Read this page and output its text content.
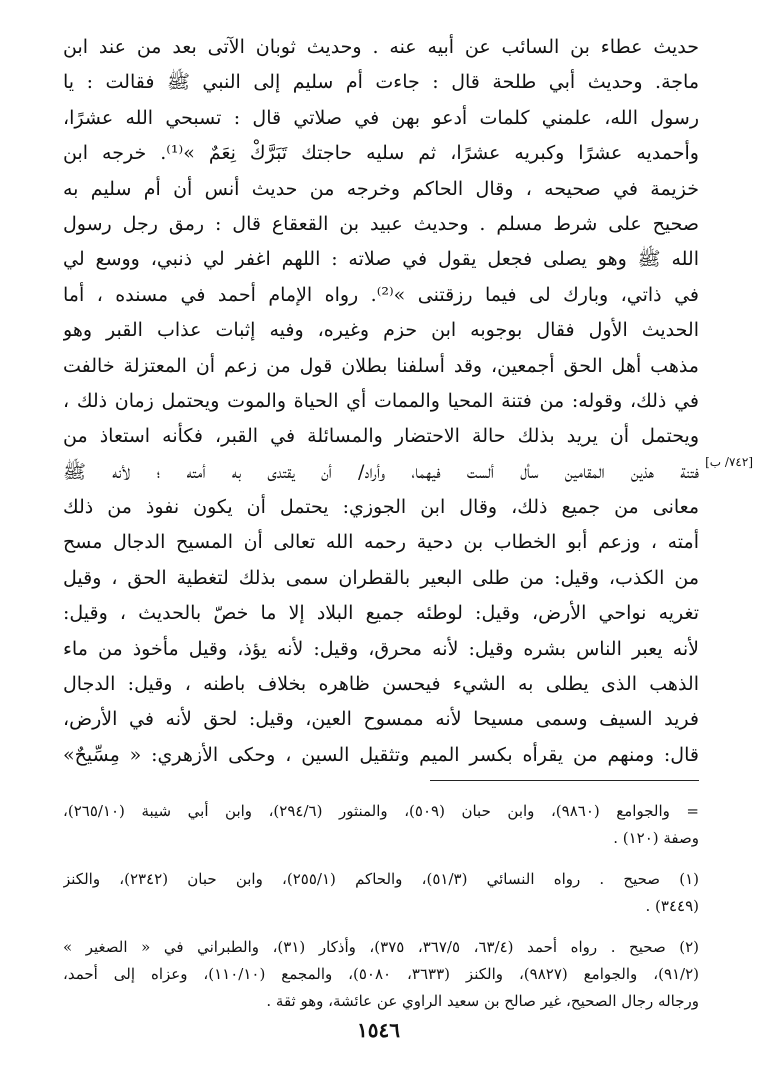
حديث عطاء بن السائب عن أبيه عنه . وحديث ثوبان الآتى بعد من عند ابن
ماجة. وحديث أبي طلحة قال : جاءت أم سليم إلى النبي ﷺ فقالت : يا
رسول الله، علمني كلمات أدعو بهن في صلاتي قال : تسبحي الله عشرًا،
وأحمديه عشرًا وكبريه عشرًا، ثم سليه حاجتك تَبَرَّكْ نِعَمٌ »⁽¹⁾. خرجه ابن
خزيمة في صحيحه ، وقال الحاكم وخرجه من حديث أنس أن أم سليم به
صحيح على شرط مسلم . وحديث عبيد بن القعقاع قال : رمق رجل رسول
الله ﷺ وهو يصلى فجعل يقول في صلاته : اللهم اغفر لي ذنبي، ووسع لي
في ذاتي، وبارك لى فيما رزقتنى »⁽²⁾. رواه الإمام أحمد في مسنده ، أما
الحديث الأول فقال بوجوبه ابن حزم وغيره، وفيه إثبات عذاب القبر وهو
مذهب أهل الحق أجمعين، وقد أسلفنا بطلان قول من زعم أن المعتزلة خالفت
في ذلك، وقوله: من فتنة المحيا والممات أي الحياة والموت ويحتمل زمان ذلك ،
ويحتمل أن يريد بذلك حالة الاحتضار والمسائلة في القبر، فكأنه استعاذ من
فتنة هذين المقامين سأل ألست فيهما، وأراد/ أن يقتدى به أمته ؛ لأنه ﷺ
معانى من جميع ذلك، وقال ابن الجوزي: يحتمل أن يكون نفوذ من ذلك
أمته ، وزعم أبو الخطاب بن دحية رحمه الله تعالى أن المسيح الدجال مسح
من الكذب، وقيل: من طلى البعير بالقطران سمى بذلك لتغطية الحق ، وقيل
تغريه نواحي الأرض، وقيل: لوطئه جميع البلاد إلا ما خصّ بالحديث ، وقيل:
لأنه يعبر الناس بشره وقيل: لأنه محرق، وقيل: لأنه يؤذ، وقيل مأخوذ من ماء
الذهب الذى يطلى به الشيء فيحسن ظاهره بخلاف باطنه ، وقيل: الدجال
فريد السيف وسمى مسيحا لأنه ممسوح العين، وقيل: لحق لأنه في الأرض،
قال: ومنهم من يقرأه بكسر الميم وتثقيل السين ، وحكى الأزهري: « مِسِّيحٌ»
[٧٤٢/ ب]
= والجوامع (٩٨٦٠)، وابن حبان (٥٠٩)، والمنثور (٢٩٤/٦)، وابن أبي شيبة (٢٦٥/١٠)،
وصفة (١٢٠) .
(١) صحيح . رواه النسائي (٥١/٣)، والحاكم (٢٥٥/١)، وابن حبان (٢٣٤٢)، والكنز
(٣٤٤٩) .
(٢) صحيح . رواه أحمد (٦٣/٤، ٣٦٧/٥، ٣٧٥)، وأذكار (٣١)، والطبراني في « الصغير »
(٩١/٢)، والجوامع (٩٨٢٧)، والكنز (٣٦٣٣، ٥٠٨٠)، والمجمع (١١٠/١٠)، وعزاه إلى أحمد،
ورجاله رجال الصحيح، غير صالح بن سعيد الراوي عن عائشة، وهو ثقة .
١٥٤٦
